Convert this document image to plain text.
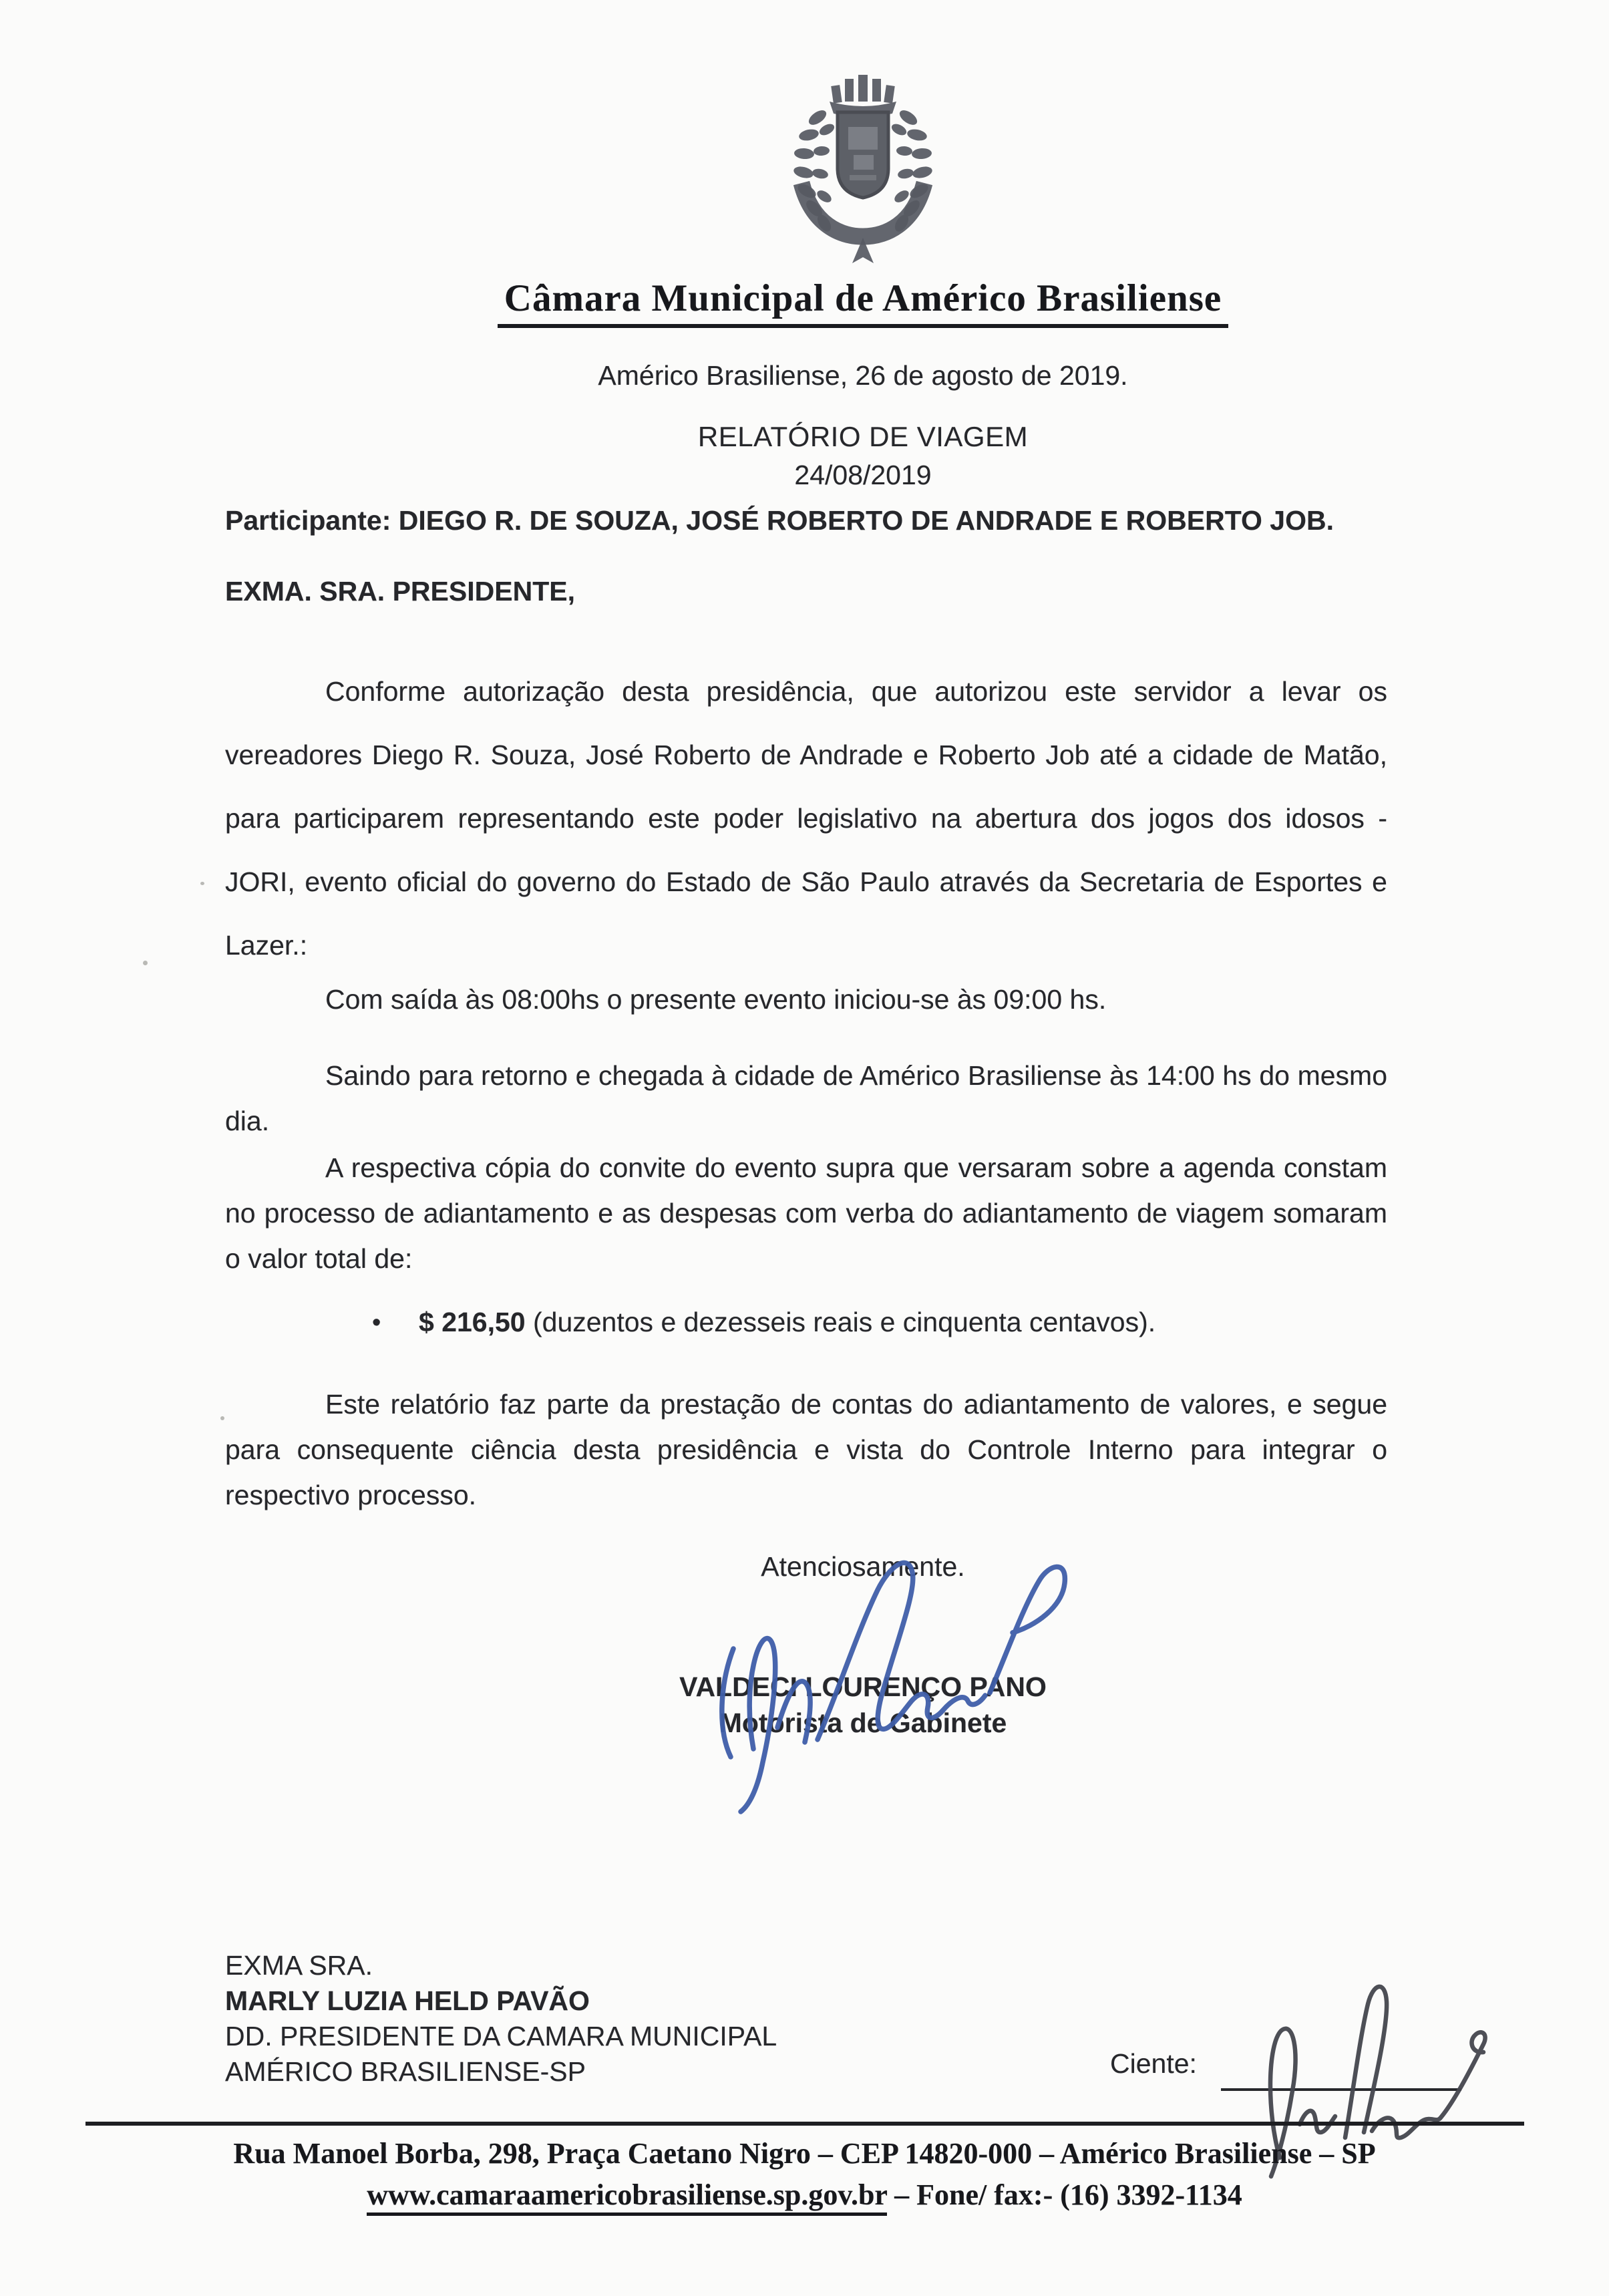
Câmara Municipal de Américo Brasiliense
Américo Brasiliense, 26 de agosto de 2019.
RELATÓRIO DE VIAGEM
24/08/2019
Participante: DIEGO R. DE SOUZA, JOSÉ ROBERTO DE ANDRADE E ROBERTO JOB.
EXMA. SRA. PRESIDENTE,
Conforme autorização desta presidência, que autorizou este servidor a levar os vereadores Diego R. Souza, José Roberto de Andrade e Roberto Job até a cidade de Matão, para participarem representando este poder legislativo na abertura dos jogos dos idosos - JORI, evento oficial do governo do Estado de São Paulo através da Secretaria de Esportes e Lazer.:
Com saída às 08:00hs o presente evento iniciou-se às 09:00 hs.
Saindo para retorno e chegada à cidade de Américo Brasiliense às 14:00 hs do mesmo dia.
A respectiva cópia do convite do evento supra que versaram sobre a agenda constam no processo de adiantamento e as despesas com verba do adiantamento de viagem somaram o valor total de:
• $ 216,50 (duzentos e dezesseis reais e cinquenta centavos).
Este relatório faz parte da prestação de contas do adiantamento de valores, e segue para consequente ciência desta presidência e vista do Controle Interno para integrar o respectivo processo.
Atenciosamente.
VALDECI LOURENÇO PANO
Motorista de Gabinete
EXMA SRA.
MARLY LUZIA HELD PAVÃO
DD. PRESIDENTE DA CAMARA MUNICIPAL
AMÉRICO BRASILIENSE-SP	Ciente:
Rua Manoel Borba, 298, Praça Caetano Nigro – CEP 14820-000 – Américo Brasiliense – SP
www.camaraamericobrasiliense.sp.gov.br – Fone/ fax:- (16) 3392-1134
